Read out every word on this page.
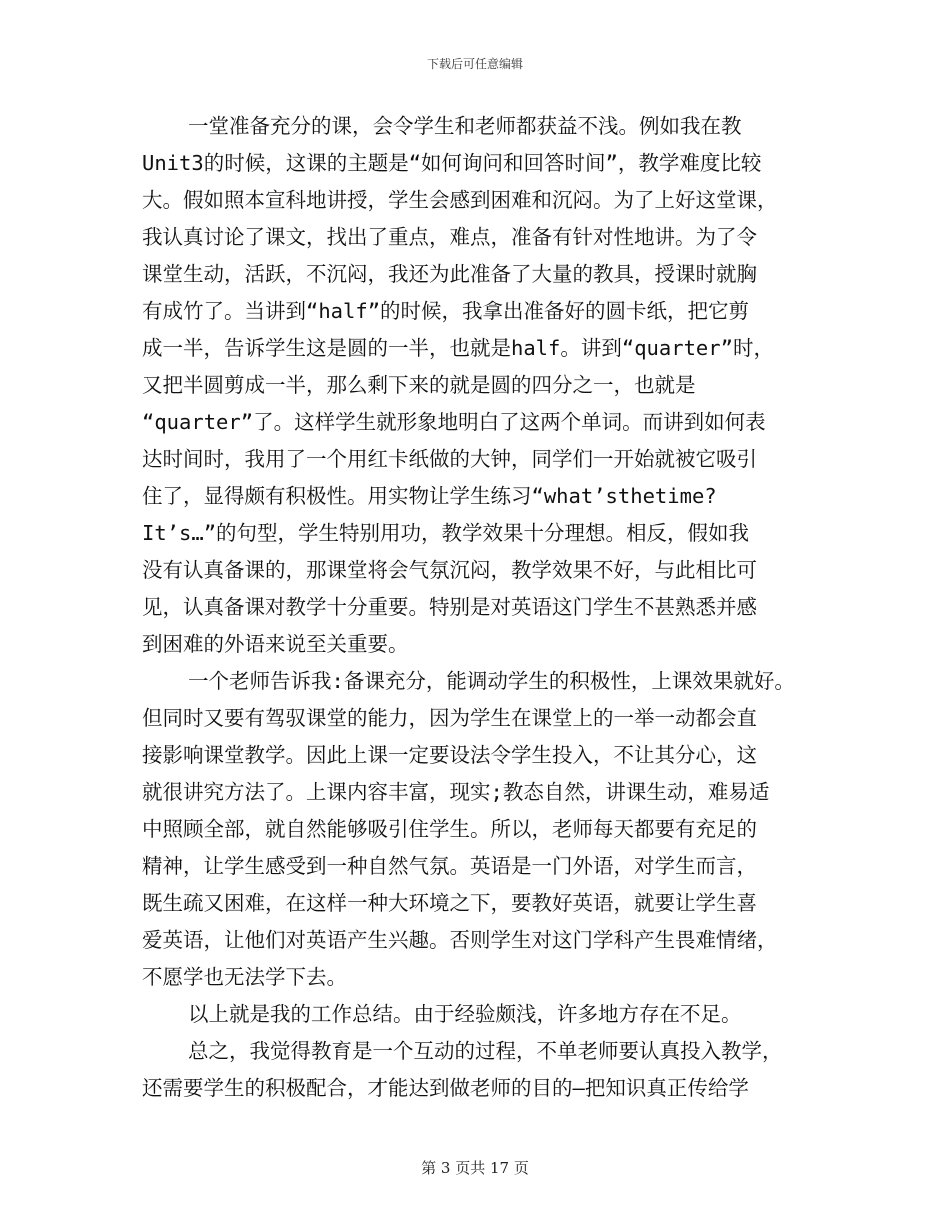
下载后可任意编辑
一堂准备充分的课，会令学生和老师都获益不浅。例如我在教
Unit3的时候，这课的主题是“如何询问和回答时间”，教学难度比较
大。假如照本宣科地讲授，学生会感到困难和沉闷。为了上好这堂课，
我认真讨论了课文，找出了重点，难点，准备有针对性地讲。为了令
课堂生动，活跃，不沉闷，我还为此准备了大量的教具，授课时就胸
有成竹了。当讲到“half”的时候，我拿出准备好的圆卡纸，把它剪
成一半，告诉学生这是圆的一半，也就是half。讲到“quarter”时，
又把半圆剪成一半，那么剩下来的就是圆的四分之一，也就是
“quarter”了。这样学生就形象地明白了这两个单词。而讲到如何表
达时间时，我用了一个用红卡纸做的大钟，同学们一开始就被它吸引
住了，显得颇有积极性。用实物让学生练习“what’sthetime?
It’s…”的句型，学生特别用功，教学效果十分理想。相反，假如我
没有认真备课的，那课堂将会气氛沉闷，教学效果不好，与此相比可
见，认真备课对教学十分重要。特别是对英语这门学生不甚熟悉并感
到困难的外语来说至关重要。
一个老师告诉我:备课充分，能调动学生的积极性，上课效果就好。
但同时又要有驾驭课堂的能力，因为学生在课堂上的一举一动都会直
接影响课堂教学。因此上课一定要设法令学生投入，不让其分心，这
就很讲究方法了。上课内容丰富，现实;教态自然，讲课生动，难易适
中照顾全部，就自然能够吸引住学生。所以，老师每天都要有充足的
精神，让学生感受到一种自然气氛。英语是一门外语，对学生而言，
既生疏又困难，在这样一种大环境之下，要教好英语，就要让学生喜
爱英语，让他们对英语产生兴趣。否则学生对这门学科产生畏难情绪，
不愿学也无法学下去。
以上就是我的工作总结。由于经验颇浅，许多地方存在不足。
总之，我觉得教育是一个互动的过程，不单老师要认真投入教学，
还需要学生的积极配合，才能达到做老师的目的—把知识真正传给学
第 3 页共 17 页
